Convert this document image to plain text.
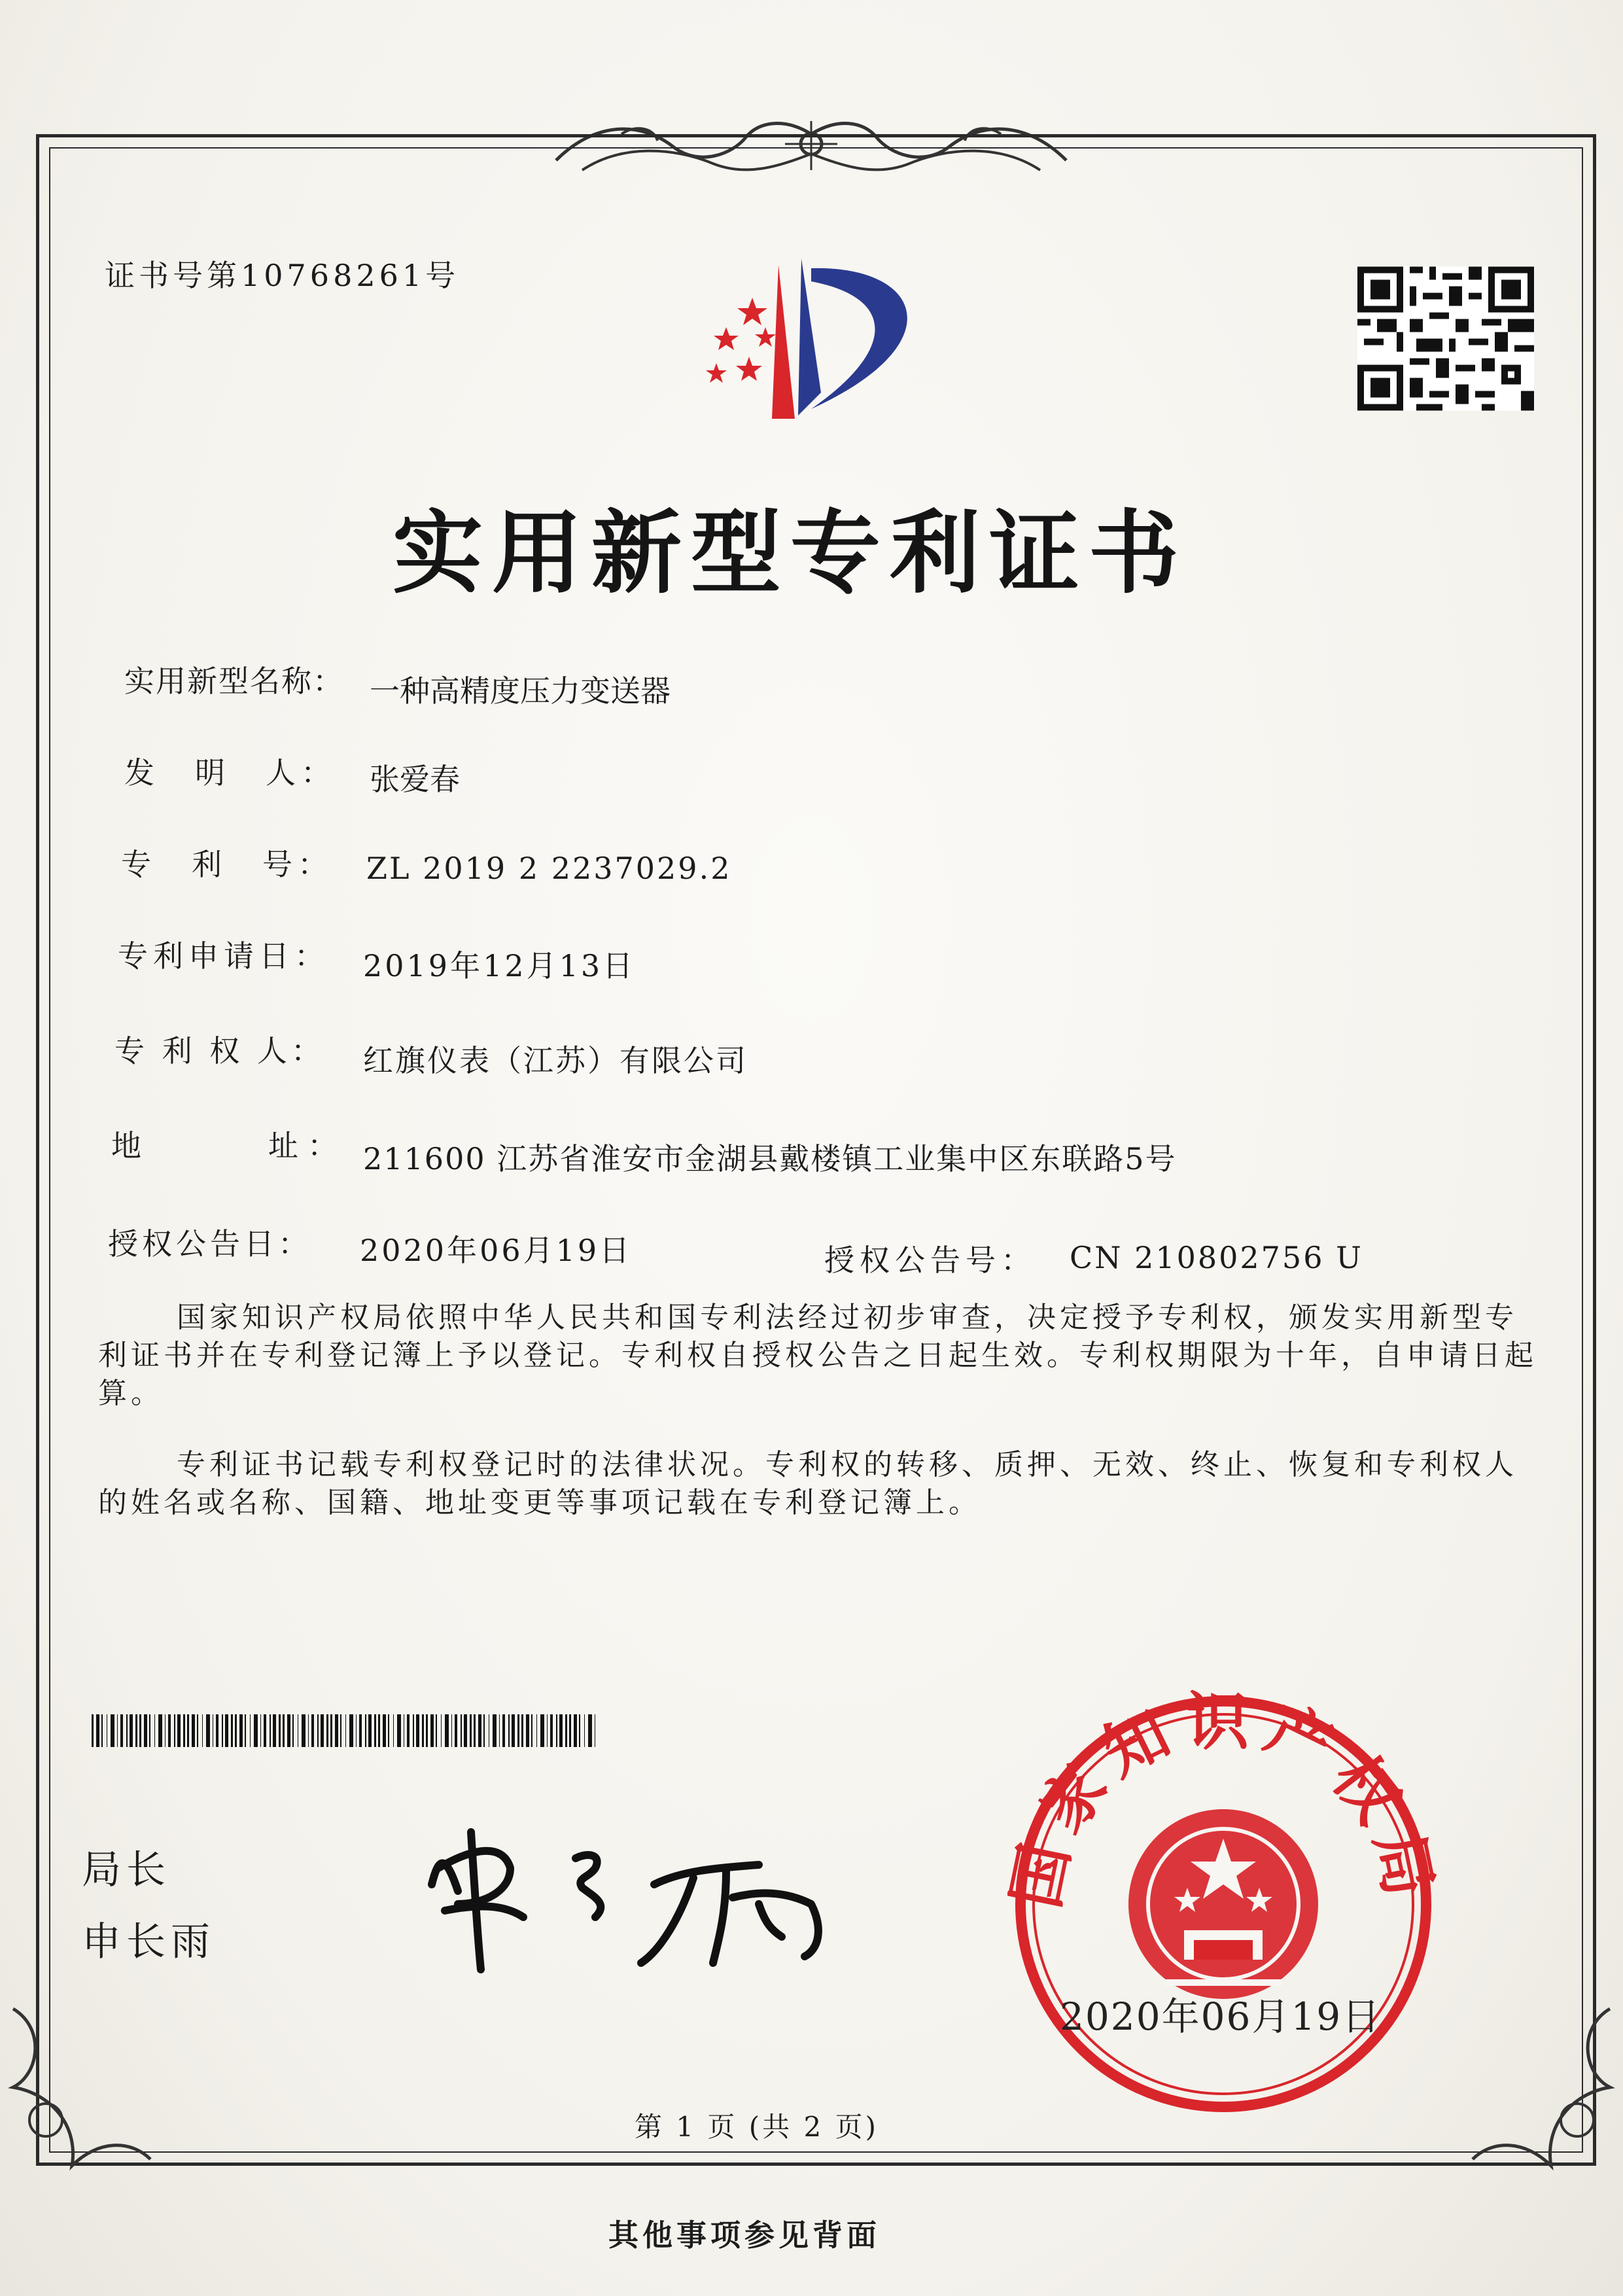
证书号第10768261号
实用新型专利证书
实用新型名称： 一种高精度压力变送器
发　明　人： 张爱春
专　利　号： ZL 2019 2 2237029.2
专利申请日： 2019年12月13日
专 利 权 人： 红旗仪表（江苏）有限公司
地　　　址： 211600 江苏省淮安市金湖县戴楼镇工业集中区东联路5号
授权公告日： 2020年06月19日	授权公告号： CN 210802756 U
国家知识产权局依照中华人民共和国专利法经过初步审查，决定授予专利权，颁发实用新型专利证书并在专利登记簿上予以登记。专利权自授权公告之日起生效。专利权期限为十年，自申请日起算。
专利证书记载专利权登记时的法律状况。专利权的转移、质押、无效、终止、恢复和专利权人的姓名或名称、国籍、地址变更等事项记载在专利登记簿上。
局长
申长雨
家知识产权
2020年06月19日
第 1 页 (共 2 页)
其他事项参见背面
